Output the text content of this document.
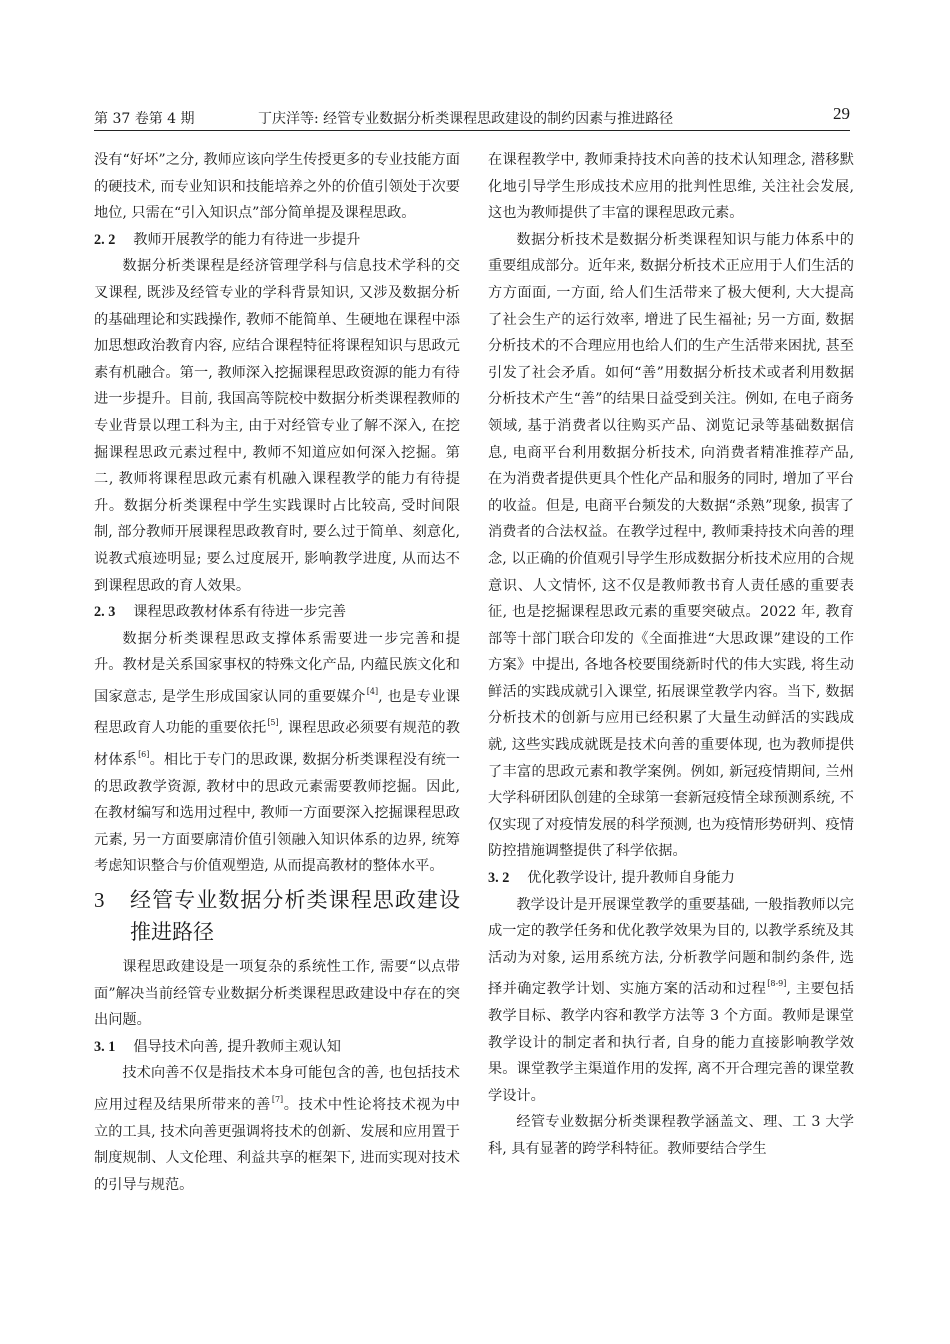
第 37 卷第 4 期	丁庆洋等: 经管专业数据分析类课程思政建设的制约因素与推进路径	29

没有“好坏”之分, 教师应该向学生传授更多的专业技能方面的硬技术, 而专业知识和技能培养之外的价值引领处于次要地位, 只需在“引入知识点”部分简单提及课程思政。

2. 2 教师开展教学的能力有待进一步提升

数据分析类课程是经济管理学科与信息技术学科的交叉课程, 既涉及经管专业的学科背景知识, 又涉及数据分析的基础理论和实践操作, 教师不能简单、生硬地在课程中添加思想政治教育内容, 应结合课程特征将课程知识与思政元素有机融合。第一, 教师深入挖掘课程思政资源的能力有待进一步提升。目前, 我国高等院校中数据分析类课程教师的专业背景以理工科为主, 由于对经管专业了解不深入, 在挖掘课程思政元素过程中, 教师不知道应如何深入挖掘。第二, 教师将课程思政元素有机融入课程教学的能力有待提升。数据分析类课程中学生实践课时占比较高, 受时间限制, 部分教师开展课程思政教育时, 要么过于简单、刻意化, 说教式痕迹明显; 要么过度展开, 影响教学进度, 从而达不到课程思政的育人效果。

2. 3 课程思政教材体系有待进一步完善

数据分析类课程思政支撑体系需要进一步完善和提升。教材是关系国家事权的特殊文化产品, 内蕴民族文化和国家意志, 是学生形成国家认同的重要媒介[4], 也是专业课程思政育人功能的重要依托[5], 课程思政必须要有规范的教材体系[6]。相比于专门的思政课, 数据分析类课程没有统一的思政教学资源, 教材中的思政元素需要教师挖掘。因此, 在教材编写和选用过程中, 教师一方面要深入挖掘课程思政元素, 另一方面要廓清价值引领融入知识体系的边界, 统筹考虑知识整合与价值观塑造, 从而提高教材的整体水平。

3	经管专业数据分析类课程思政建设推进路径

课程思政建设是一项复杂的系统性工作, 需要“以点带面”解决当前经管专业数据分析类课程思政建设中存在的突出问题。

3. 1 倡导技术向善, 提升教师主观认知

技术向善不仅是指技术本身可能包含的善, 也包括技术应用过程及结果所带来的善[7]。技术中性论将技术视为中立的工具, 技术向善更强调将技术的创新、发展和应用置于制度规制、人文伦理、利益共享的框架下, 进而实现对技术的引导与规范。

在课程教学中, 教师秉持技术向善的技术认知理念, 潜移默化地引导学生形成技术应用的批判性思维, 关注社会发展, 这也为教师提供了丰富的课程思政元素。

数据分析技术是数据分析类课程知识与能力体系中的重要组成部分。近年来, 数据分析技术正应用于人们生活的方方面面, 一方面, 给人们生活带来了极大便利, 大大提高了社会生产的运行效率, 增进了民生福祉; 另一方面, 数据分析技术的不合理应用也给人们的生产生活带来困扰, 甚至引发了社会矛盾。如何“善”用数据分析技术或者利用数据分析技术产生“善”的结果日益受到关注。例如, 在电子商务领域, 基于消费者以往购买产品、浏览记录等基础数据信息, 电商平台利用数据分析技术, 向消费者精准推荐产品, 在为消费者提供更具个性化产品和服务的同时, 增加了平台的收益。但是, 电商平台频发的大数据“杀熟”现象, 损害了消费者的合法权益。在教学过程中, 教师秉持技术向善的理念, 以正确的价值观引导学生形成数据分析技术应用的合规意识、人文情怀, 这不仅是教师教书育人责任感的重要表征, 也是挖掘课程思政元素的重要突破点。2022 年, 教育部等十部门联合印发的《全面推进“大思政课”建设的工作方案》中提出, 各地各校要围绕新时代的伟大实践, 将生动鲜活的实践成就引入课堂, 拓展课堂教学内容。当下, 数据分析技术的创新与应用已经积累了大量生动鲜活的实践成就, 这些实践成就既是技术向善的重要体现, 也为教师提供了丰富的思政元素和教学案例。例如, 新冠疫情期间, 兰州大学科研团队创建的全球第一套新冠疫情全球预测系统, 不仅实现了对疫情发展的科学预测, 也为疫情形势研判、疫情防控措施调整提供了科学依据。

3. 2 优化教学设计, 提升教师自身能力

教学设计是开展课堂教学的重要基础, 一般指教师以完成一定的教学任务和优化教学效果为目的, 以教学系统及其活动为对象, 运用系统方法, 分析教学问题和制约条件, 选择并确定教学计划、实施方案的活动和过程[8-9], 主要包括教学目标、教学内容和教学方法等 3 个方面。教师是课堂教学设计的制定者和执行者, 自身的能力直接影响教学效果。课堂教学主渠道作用的发挥, 离不开合理完善的课堂教学设计。

经管专业数据分析类课程教学涵盖文、理、工 3 大学科, 具有显著的跨学科特征。教师要结合学生
